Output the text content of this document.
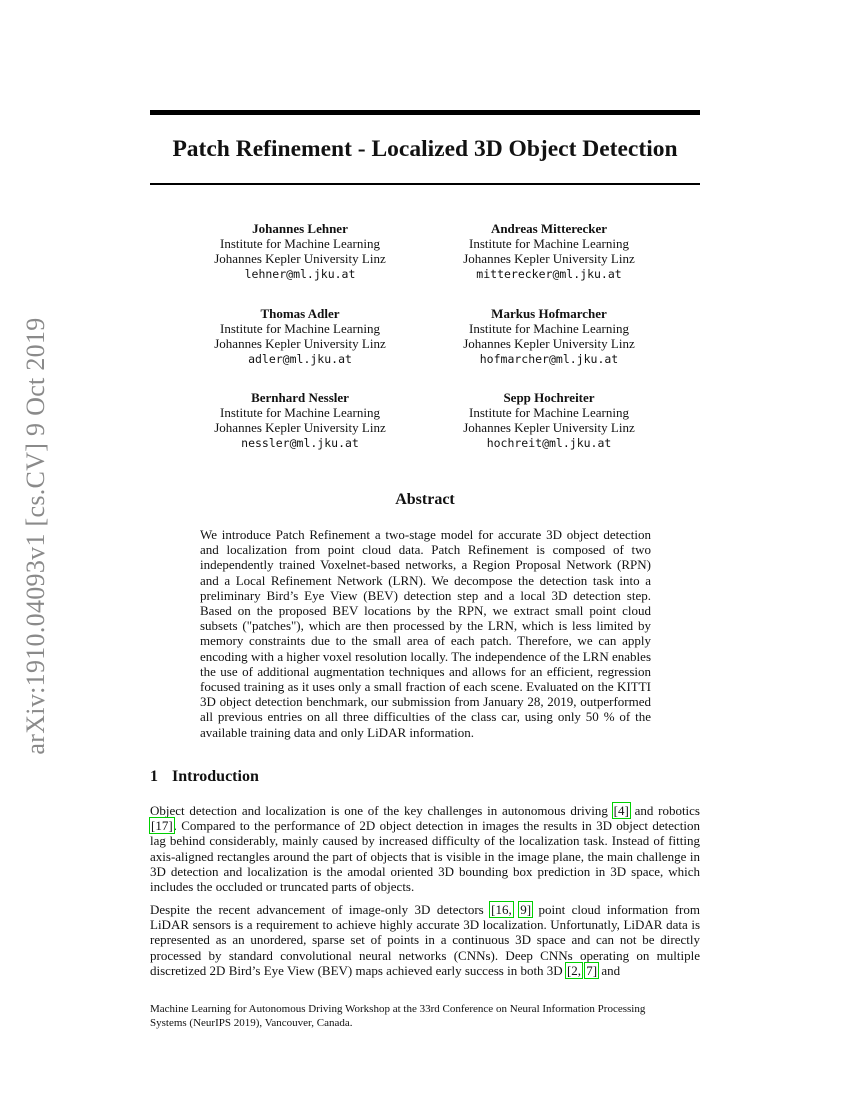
arXiv:1910.04093v1 [cs.CV] 9 Oct 2019
Patch Refinement - Localized 3D Object Detection
Johannes Lehner
Institute for Machine Learning
Johannes Kepler University Linz
lehner@ml.jku.at
Andreas Mitterecker
Institute for Machine Learning
Johannes Kepler University Linz
mitterecker@ml.jku.at
Thomas Adler
Institute for Machine Learning
Johannes Kepler University Linz
adler@ml.jku.at
Markus Hofmarcher
Institute for Machine Learning
Johannes Kepler University Linz
hofmarcher@ml.jku.at
Bernhard Nessler
Institute for Machine Learning
Johannes Kepler University Linz
nessler@ml.jku.at
Sepp Hochreiter
Institute for Machine Learning
Johannes Kepler University Linz
hochreit@ml.jku.at
Abstract
We introduce Patch Refinement a two-stage model for accurate 3D object detection and localization from point cloud data. Patch Refinement is composed of two independently trained Voxelnet-based networks, a Region Proposal Network (RPN) and a Local Refinement Network (LRN). We decompose the detection task into a preliminary Bird’s Eye View (BEV) detection step and a local 3D detection step. Based on the proposed BEV locations by the RPN, we extract small point cloud subsets ("patches"), which are then processed by the LRN, which is less limited by memory constraints due to the small area of each patch. Therefore, we can apply encoding with a higher voxel resolution locally. The independence of the LRN enables the use of additional augmentation techniques and allows for an efficient, regression focused training as it uses only a small fraction of each scene. Evaluated on the KITTI 3D object detection benchmark, our submission from January 28, 2019, outperformed all previous entries on all three difficulties of the class car, using only 50 % of the available training data and only LiDAR information.
1 Introduction
Object detection and localization is one of the key challenges in autonomous driving [4] and robotics [17]. Compared to the performance of 2D object detection in images the results in 3D object detection lag behind considerably, mainly caused by increased difficulty of the localization task. Instead of fitting axis-aligned rectangles around the part of objects that is visible in the image plane, the main challenge in 3D detection and localization is the amodal oriented 3D bounding box prediction in 3D space, which includes the occluded or truncated parts of objects.
Despite the recent advancement of image-only 3D detectors [16, 9] point cloud information from LiDAR sensors is a requirement to achieve highly accurate 3D localization. Unfortunatly, LiDAR data is represented as an unordered, sparse set of points in a continuous 3D space and can not be directly processed by standard convolutional neural networks (CNNs). Deep CNNs operating on multiple discretized 2D Bird’s Eye View (BEV) maps achieved early success in both 3D [2, 7] and
Machine Learning for Autonomous Driving Workshop at the 33rd Conference on Neural Information Processing
Systems (NeurIPS 2019), Vancouver, Canada.
